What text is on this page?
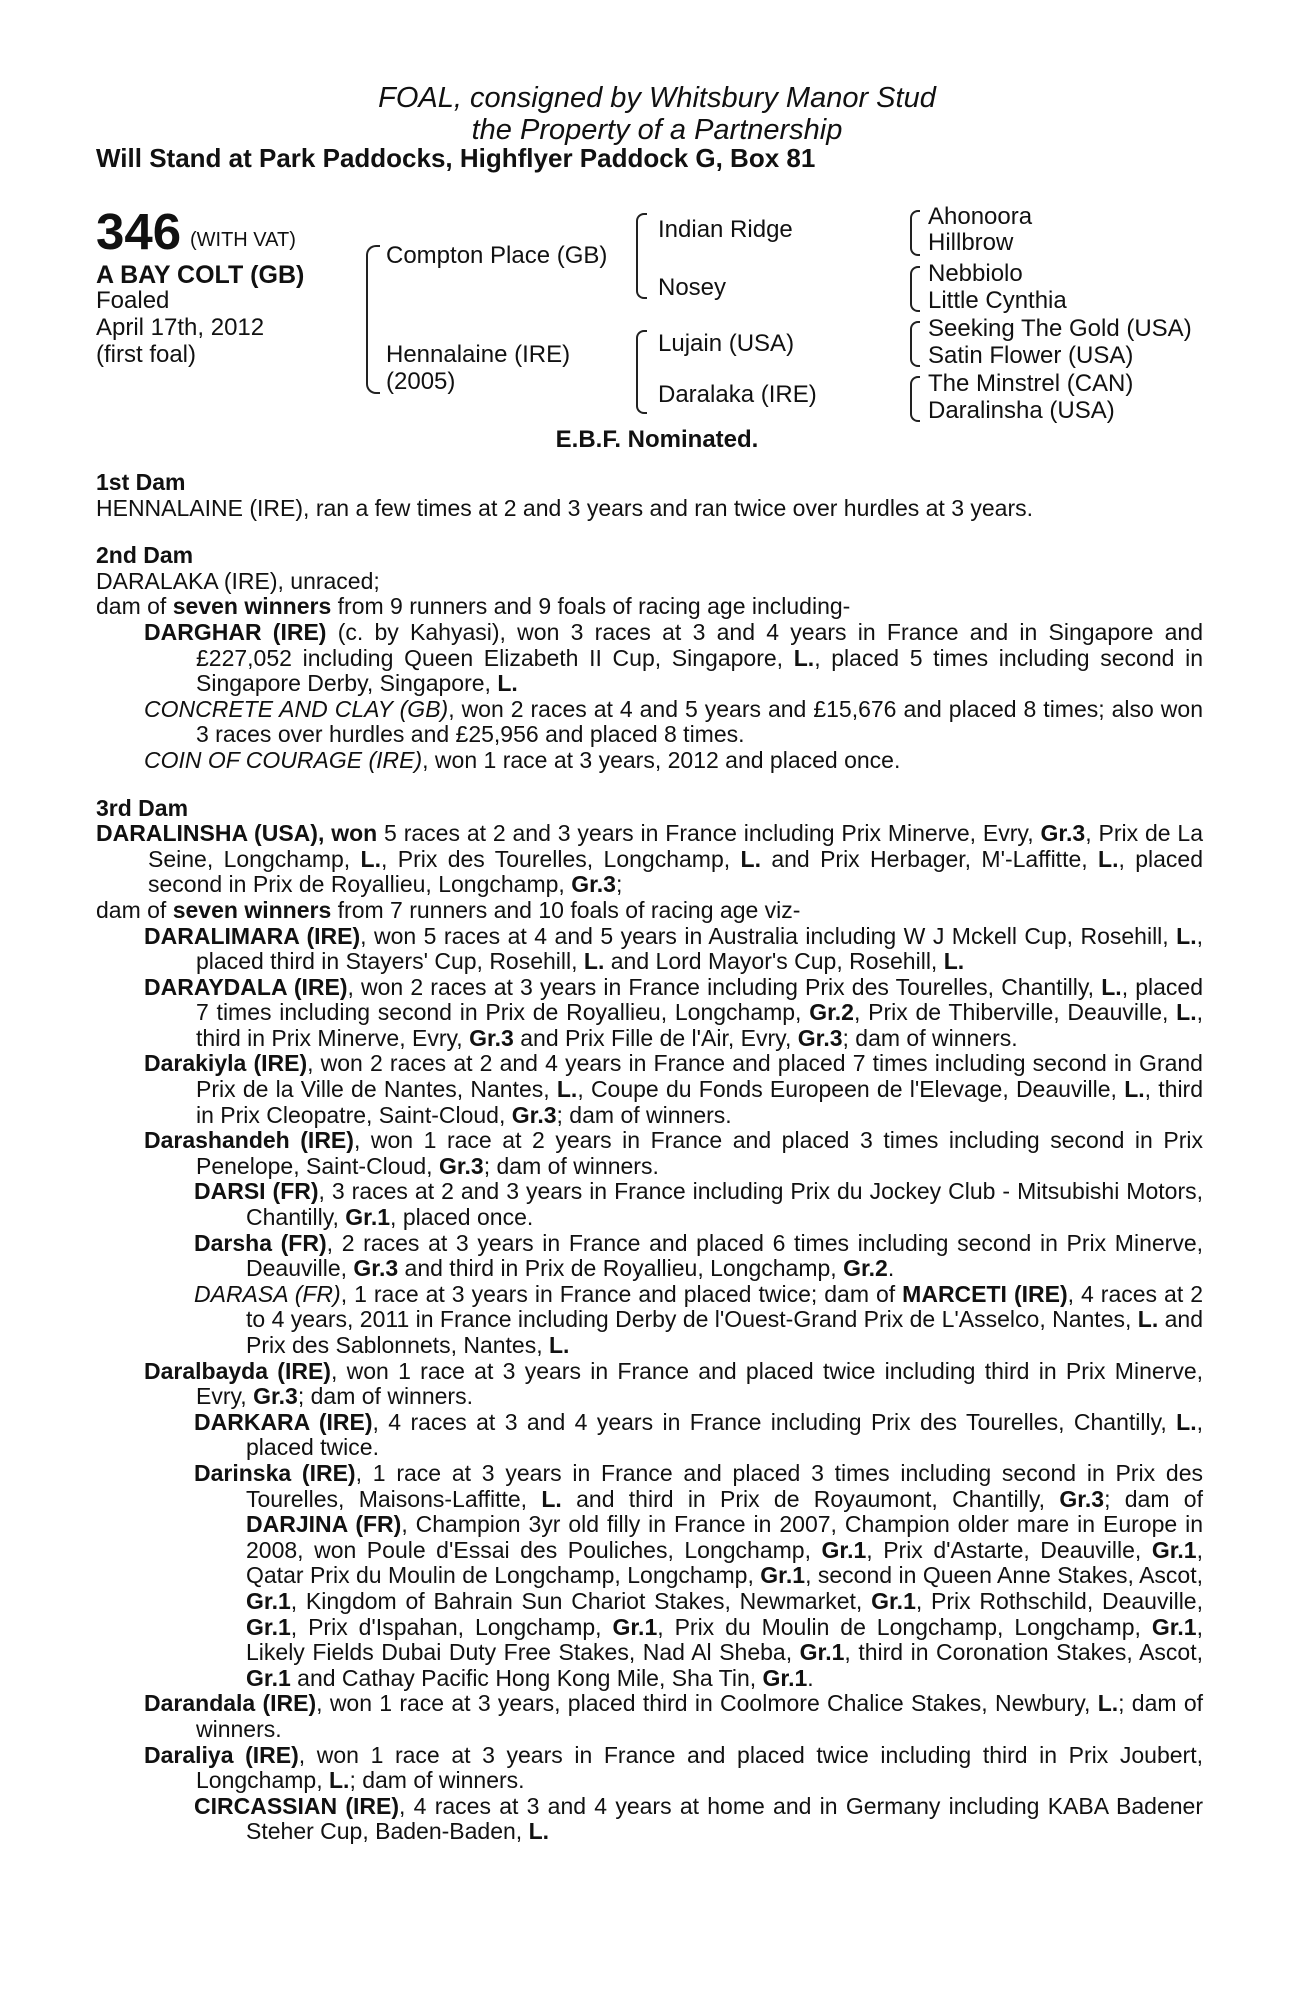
FOAL, consigned by Whitsbury Manor Stud
the Property of a Partnership
Will Stand at Park Paddocks, Highflyer Paddock G, Box 81
346 (WITH VAT)
A BAY COLT (GB)
Foaled
April 17th, 2012
(first foal)
Compton Place (GB)
Hennalaine (IRE)
(2005)
Indian Ridge
Nosey
Lujain (USA)
Daralaka (IRE)
Ahonoora
Hillbrow
Nebbiolo
Little Cynthia
Seeking The Gold (USA)
Satin Flower (USA)
The Minstrel (CAN)
Daralinsha (USA)
E.B.F. Nominated.
1st Dam
HENNALAINE (IRE), ran a few times at 2 and 3 years and ran twice over hurdles at 3 years.
2nd Dam
DARALAKA (IRE), unraced;
dam of seven winners from 9 runners and 9 foals of racing age including-
DARGHAR (IRE) (c. by Kahyasi), won 3 races at 3 and 4 years in France and in Singapore and £227,052 including Queen Elizabeth II Cup, Singapore, L., placed 5 times including second in Singapore Derby, Singapore, L.
CONCRETE AND CLAY (GB), won 2 races at 4 and 5 years and £15,676 and placed 8 times; also won 3 races over hurdles and £25,956 and placed 8 times.
COIN OF COURAGE (IRE), won 1 race at 3 years, 2012 and placed once.
3rd Dam
DARALINSHA (USA), won 5 races at 2 and 3 years in France including Prix Minerve, Evry, Gr.3, Prix de La Seine, Longchamp, L., Prix des Tourelles, Longchamp, L. and Prix Herbager, M'-Laffitte, L., placed second in Prix de Royallieu, Longchamp, Gr.3;
dam of seven winners from 7 runners and 10 foals of racing age viz-
DARALIMARA (IRE), won 5 races at 4 and 5 years in Australia including W J Mckell Cup, Rosehill, L., placed third in Stayers' Cup, Rosehill, L. and Lord Mayor's Cup, Rosehill, L.
DARAYDALA (IRE), won 2 races at 3 years in France including Prix des Tourelles, Chantilly, L., placed 7 times including second in Prix de Royallieu, Longchamp, Gr.2, Prix de Thiberville, Deauville, L., third in Prix Minerve, Evry, Gr.3 and Prix Fille de l'Air, Evry, Gr.3; dam of winners.
Darakiyla (IRE), won 2 races at 2 and 4 years in France and placed 7 times including second in Grand Prix de la Ville de Nantes, Nantes, L., Coupe du Fonds Europeen de l'Elevage, Deauville, L., third in Prix Cleopatre, Saint-Cloud, Gr.3; dam of winners.
Darashandeh (IRE), won 1 race at 2 years in France and placed 3 times including second in Prix Penelope, Saint-Cloud, Gr.3; dam of winners.
DARSI (FR), 3 races at 2 and 3 years in France including Prix du Jockey Club - Mitsubishi Motors, Chantilly, Gr.1, placed once.
Darsha (FR), 2 races at 3 years in France and placed 6 times including second in Prix Minerve, Deauville, Gr.3 and third in Prix de Royallieu, Longchamp, Gr.2.
DARASA (FR), 1 race at 3 years in France and placed twice; dam of MARCETI (IRE), 4 races at 2 to 4 years, 2011 in France including Derby de l'Ouest-Grand Prix de L'Asselco, Nantes, L. and Prix des Sablonnets, Nantes, L.
Daralbayda (IRE), won 1 race at 3 years in France and placed twice including third in Prix Minerve, Evry, Gr.3; dam of winners.
DARKARA (IRE), 4 races at 3 and 4 years in France including Prix des Tourelles, Chantilly, L., placed twice.
Darinska (IRE), 1 race at 3 years in France and placed 3 times including second in Prix des Tourelles, Maisons-Laffitte, L. and third in Prix de Royaumont, Chantilly, Gr.3; dam of DARJINA (FR), Champion 3yr old filly in France in 2007, Champion older mare in Europe in 2008, won Poule d'Essai des Pouliches, Longchamp, Gr.1, Prix d'Astarte, Deauville, Gr.1, Qatar Prix du Moulin de Longchamp, Longchamp, Gr.1, second in Queen Anne Stakes, Ascot, Gr.1, Kingdom of Bahrain Sun Chariot Stakes, Newmarket, Gr.1, Prix Rothschild, Deauville, Gr.1, Prix d'Ispahan, Longchamp, Gr.1, Prix du Moulin de Longchamp, Longchamp, Gr.1, Likely Fields Dubai Duty Free Stakes, Nad Al Sheba, Gr.1, third in Coronation Stakes, Ascot, Gr.1 and Cathay Pacific Hong Kong Mile, Sha Tin, Gr.1.
Darandala (IRE), won 1 race at 3 years, placed third in Coolmore Chalice Stakes, Newbury, L.; dam of winners.
Daraliya (IRE), won 1 race at 3 years in France and placed twice including third in Prix Joubert, Longchamp, L.; dam of winners.
CIRCASSIAN (IRE), 4 races at 3 and 4 years at home and in Germany including KABA Badener Steher Cup, Baden-Baden, L.
